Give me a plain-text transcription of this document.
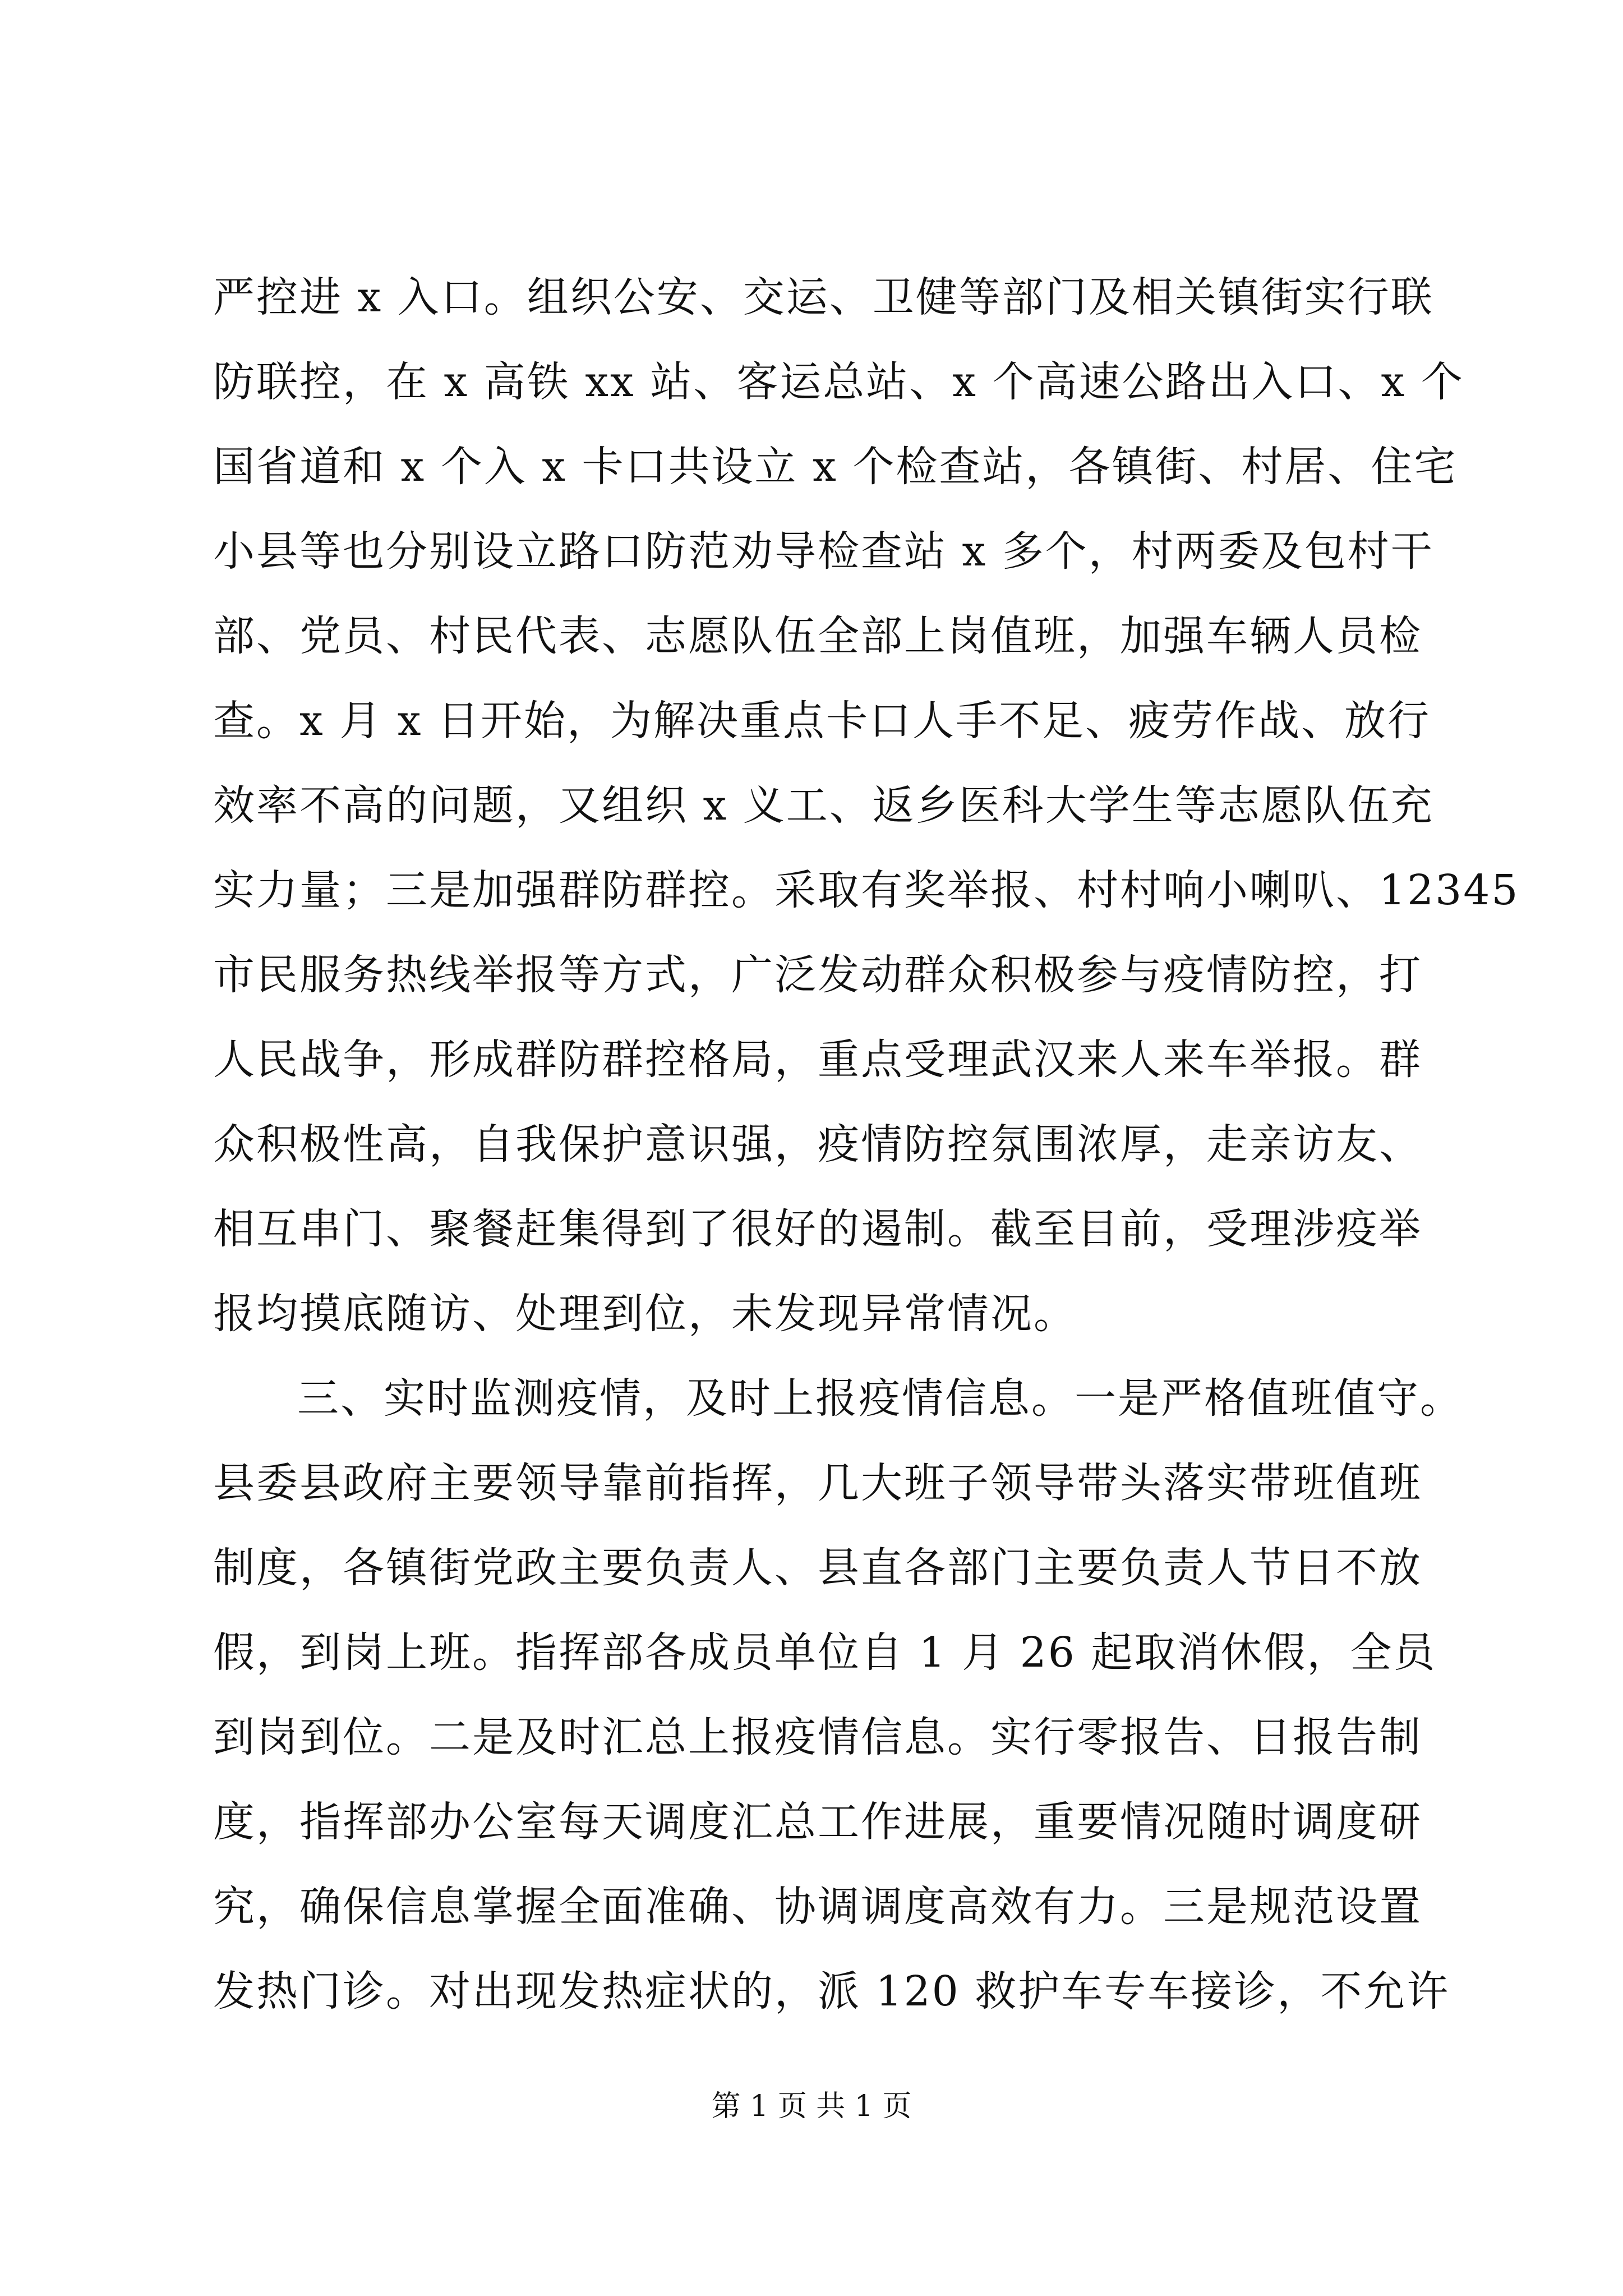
严控进 x 入口。组织公安、交运、卫健等部门及相关镇街实行联
防联控，在 x 高铁 xx 站、客运总站、x 个高速公路出入口、x 个
国省道和 x 个入 x 卡口共设立 x 个检查站，各镇街、村居、住宅
小县等也分别设立路口防范劝导检查站 x 多个，村两委及包村干
部、党员、村民代表、志愿队伍全部上岗值班，加强车辆人员检
查。x 月 x 日开始，为解决重点卡口人手不足、疲劳作战、放行
效率不高的问题，又组织 x 义工、返乡医科大学生等志愿队伍充
实力量；三是加强群防群控。采取有奖举报、村村响小喇叭、12345
市民服务热线举报等方式，广泛发动群众积极参与疫情防控，打
人民战争，形成群防群控格局，重点受理武汉来人来车举报。群
众积极性高，自我保护意识强，疫情防控氛围浓厚，走亲访友、
相互串门、聚餐赶集得到了很好的遏制。截至目前，受理涉疫举
报均摸底随访、处理到位，未发现异常情况。
三、实时监测疫情，及时上报疫情信息。一是严格值班值守。
县委县政府主要领导靠前指挥，几大班子领导带头落实带班值班
制度，各镇街党政主要负责人、县直各部门主要负责人节日不放
假，到岗上班。指挥部各成员单位自 1 月 26 起取消休假，全员
到岗到位。二是及时汇总上报疫情信息。实行零报告、日报告制
度，指挥部办公室每天调度汇总工作进展，重要情况随时调度研
究，确保信息掌握全面准确、协调调度高效有力。三是规范设置
发热门诊。对出现发热症状的，派 120 救护车专车接诊，不允许
第 1 页 共 1 页
